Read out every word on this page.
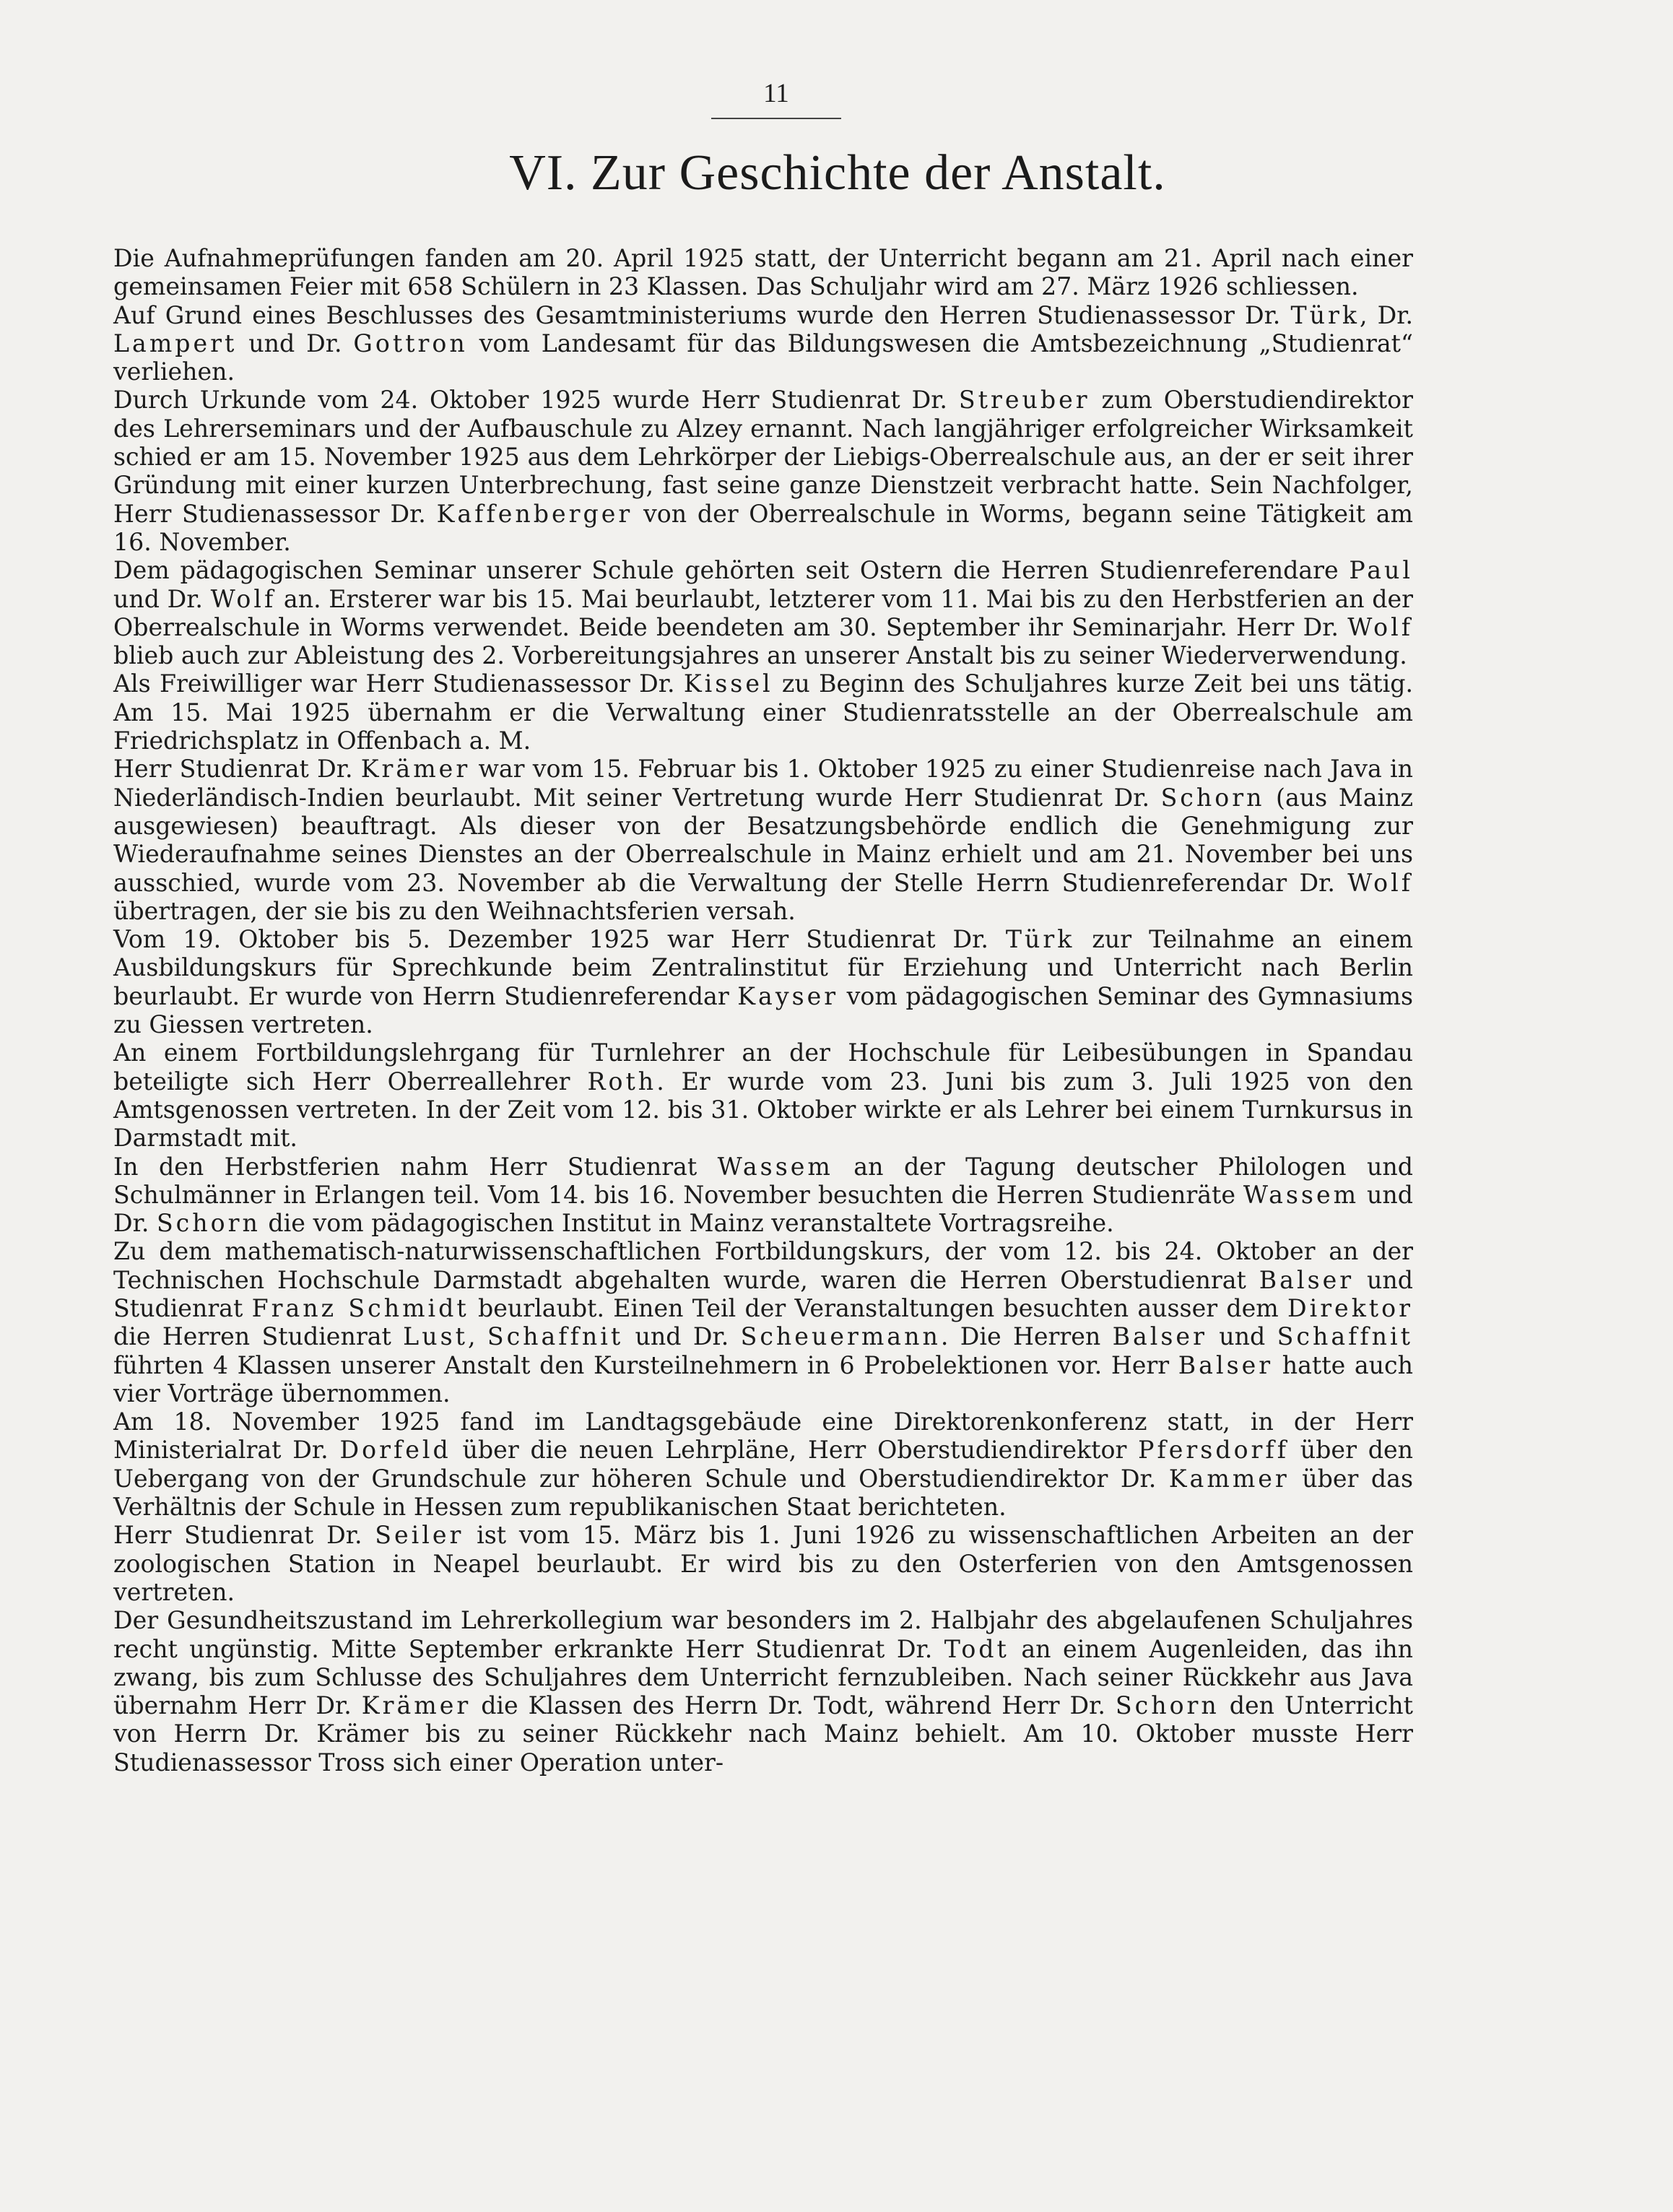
11
VI. Zur Geschichte der Anstalt.

Die Aufnahmeprüfungen fanden am 20. April 1925 statt, der Unterricht begann am 21. April nach einer gemeinsamen Feier mit 658 Schülern in 23 Klassen. Das Schuljahr wird am 27. März 1926 schliessen.

Auf Grund eines Beschlusses des Gesamtministeriums wurde den Herren Studienassessor Dr. Türk, Dr. Lampert und Dr. Gottron vom Landesamt für das Bildungswesen die Amtsbezeichnung „Studienrat“ verliehen.

Durch Urkunde vom 24. Oktober 1925 wurde Herr Studienrat Dr. Streuber zum Oberstudiendirektor des Lehrerseminars und der Aufbauschule zu Alzey ernannt. Nach langjähriger erfolgreicher Wirksamkeit schied er am 15. November 1925 aus dem Lehrkörper der Liebigs-Oberrealschule aus, an der er seit ihrer Gründung mit einer kurzen Unterbrechung, fast seine ganze Dienstzeit verbracht hatte. Sein Nachfolger, Herr Studienassessor Dr. Kaffenberger von der Oberrealschule in Worms, begann seine Tätigkeit am 16. November.

Dem pädagogischen Seminar unserer Schule gehörten seit Ostern die Herren Studienreferendare Paul und Dr. Wolf an. Ersterer war bis 15. Mai beurlaubt, letzterer vom 11. Mai bis zu den Herbstferien an der Oberrealschule in Worms verwendet. Beide beendeten am 30. September ihr Seminarjahr. Herr Dr. Wolf blieb auch zur Ableistung des 2. Vorbereitungsjahres an unserer Anstalt bis zu seiner Wiederverwendung.

Als Freiwilliger war Herr Studienassessor Dr. Kissel zu Beginn des Schuljahres kurze Zeit bei uns tätig. Am 15. Mai 1925 übernahm er die Verwaltung einer Studienratsstelle an der Oberrealschule am Friedrichsplatz in Offenbach a. M.

Herr Studienrat Dr. Krämer war vom 15. Februar bis 1. Oktober 1925 zu einer Studienreise nach Java in Niederländisch-Indien beurlaubt. Mit seiner Vertretung wurde Herr Studienrat Dr. Schorn (aus Mainz ausgewiesen) beauftragt. Als dieser von der Besatzungsbehörde endlich die Genehmigung zur Wiederaufnahme seines Dienstes an der Oberrealschule in Mainz erhielt und am 21. November bei uns ausschied, wurde vom 23. November ab die Verwaltung der Stelle Herrn Studienreferendar Dr. Wolf übertragen, der sie bis zu den Weihnachtsferien versah.

Vom 19. Oktober bis 5. Dezember 1925 war Herr Studienrat Dr. Türk zur Teilnahme an einem Ausbildungskurs für Sprechkunde beim Zentralinstitut für Erziehung und Unterricht nach Berlin beurlaubt. Er wurde von Herrn Studienreferendar Kayser vom pädagogischen Seminar des Gymnasiums zu Giessen vertreten.

An einem Fortbildungslehrgang für Turnlehrer an der Hochschule für Leibesübungen in Spandau beteiligte sich Herr Oberreallehrer Roth. Er wurde vom 23. Juni bis zum 3. Juli 1925 von den Amtsgenossen vertreten. In der Zeit vom 12. bis 31. Oktober wirkte er als Lehrer bei einem Turnkursus in Darmstadt mit.

In den Herbstferien nahm Herr Studienrat Wassem an der Tagung deutscher Philologen und Schulmänner in Erlangen teil. Vom 14. bis 16. November besuchten die Herren Studienräte Wassem und Dr. Schorn die vom pädagogischen Institut in Mainz veranstaltete Vortragsreihe.

Zu dem mathematisch-naturwissenschaftlichen Fortbildungskurs, der vom 12. bis 24. Oktober an der Technischen Hochschule Darmstadt abgehalten wurde, waren die Herren Oberstudienrat Balser und Studienrat Franz Schmidt beurlaubt. Einen Teil der Veranstaltungen besuchten ausser dem Direktor die Herren Studienrat Lust, Schaffnit und Dr. Scheuermann. Die Herren Balser und Schaffnit führten 4 Klassen unserer Anstalt den Kursteilnehmern in 6 Probelektionen vor. Herr Balser hatte auch vier Vorträge übernommen.

Am 18. November 1925 fand im Landtagsgebäude eine Direktorenkonferenz statt, in der Herr Ministerialrat Dr. Dorfeld über die neuen Lehrpläne, Herr Oberstudiendirektor Pfersdorff über den Uebergang von der Grundschule zur höheren Schule und Oberstudiendirektor Dr. Kammer über das Verhältnis der Schule in Hessen zum republikanischen Staat berichteten.

Herr Studienrat Dr. Seiler ist vom 15. März bis 1. Juni 1926 zu wissenschaftlichen Arbeiten an der zoologischen Station in Neapel beurlaubt. Er wird bis zu den Osterferien von den Amtsgenossen vertreten.

Der Gesundheitszustand im Lehrerkollegium war besonders im 2. Halbjahr des abgelaufenen Schuljahres recht ungünstig. Mitte September erkrankte Herr Studienrat Dr. Todt an einem Augenleiden, das ihn zwang, bis zum Schlusse des Schuljahres dem Unterricht fernzubleiben. Nach seiner Rückkehr aus Java übernahm Herr Dr. Krämer die Klassen des Herrn Dr. Todt, während Herr Dr. Schorn den Unterricht von Herrn Dr. Krämer bis zu seiner Rückkehr nach Mainz behielt. Am 10. Oktober musste Herr Studienassessor Tross sich einer Operation unter-
